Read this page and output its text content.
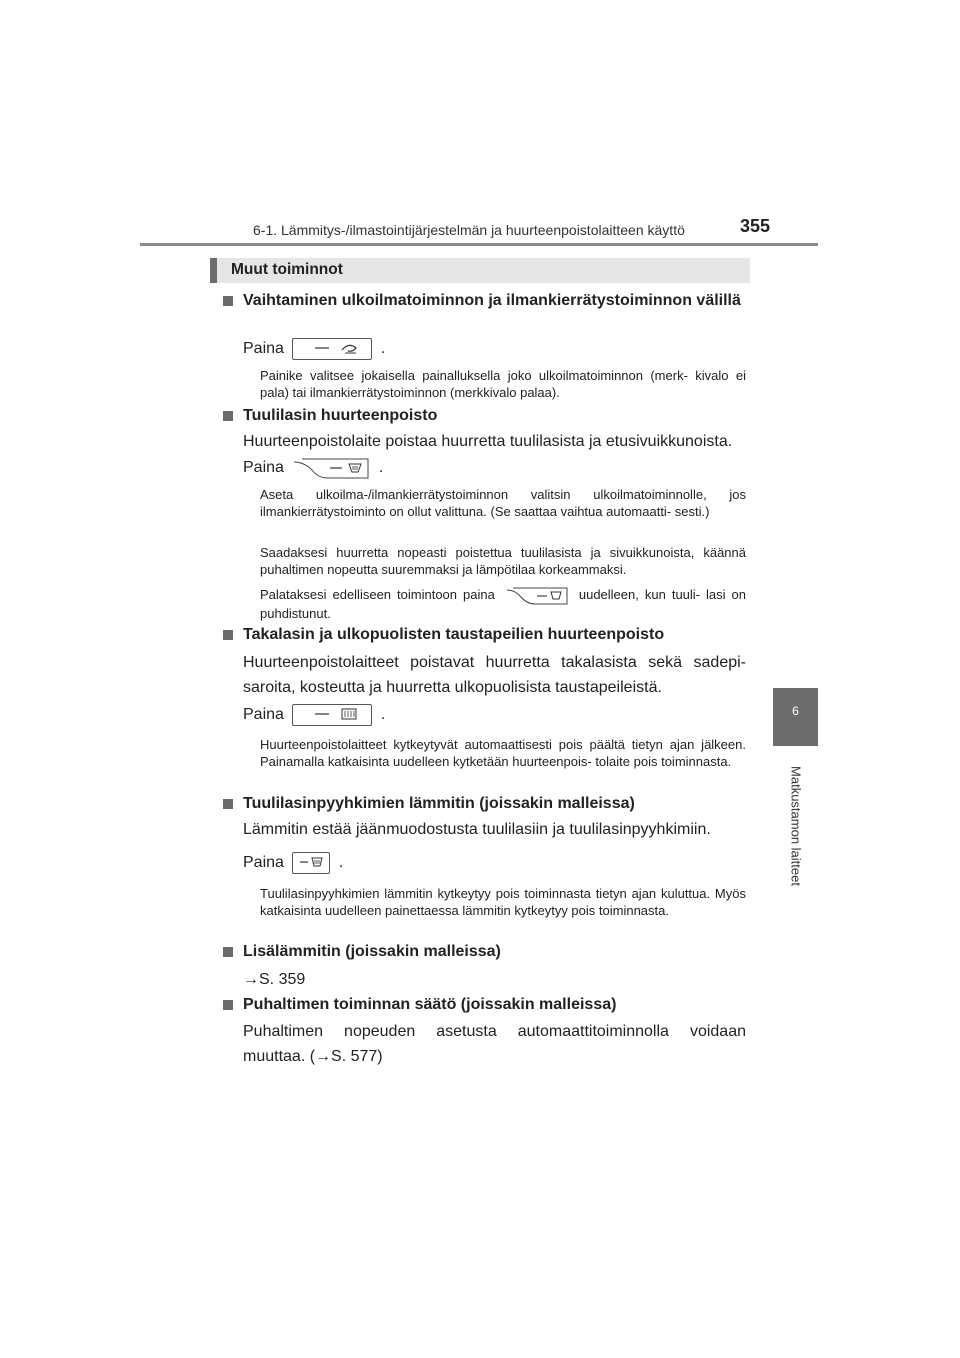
6-1. Lämmitys-/ilmastointijärjestelmän ja huurteenpoistolaitteen käyttö	355
6
Matkustamon laitteet
Muut toiminnot
Vaihtaminen ulkoilmatoiminnon ja ilmankierrätystoiminnon välillä
Paina	.
Painike valitsee jokaisella painalluksella joko ulkoilmatoiminnon (merk- kivalo ei pala) tai ilmankierrätystoiminnon (merkkivalo palaa).
Tuulilasin huurteenpoisto
Huurteenpoistolaite poistaa huurretta tuulilasista ja etusivuikkunoista.
Paina	.
Aseta ulkoilma-/ilmankierrätystoiminnon valitsin ulkoilmatoiminnolle, jos ilmankierrätystoiminto on ollut valittuna. (Se saattaa vaihtua automaatti- sesti.)
Saadaksesi huurretta nopeasti poistettua tuulilasista ja sivuikkunoista, käännä puhaltimen nopeutta suuremmaksi ja lämpötilaa korkeammaksi.
Palataksesi edelliseen toimintoon paina	uudelleen, kun tuuli- lasi on puhdistunut.
Takalasin ja ulkopuolisten taustapeilien huurteenpoisto
Huurteenpoistolaitteet poistavat huurretta takalasista sekä sadepi- saroita, kosteutta ja huurretta ulkopuolisista taustapeileistä.
Paina	.
Huurteenpoistolaitteet kytkeytyvät automaattisesti pois päältä tietyn ajan jälkeen. Painamalla katkaisinta uudelleen kytketään huurteenpois- tolaite pois toiminnasta.
Tuulilasinpyyhkimien lämmitin (joissakin malleissa)
Lämmitin estää jäänmuodostusta tuulilasiin ja tuulilasinpyyhkimiin.
Paina	.
Tuulilasinpyyhkimien lämmitin kytkeytyy pois toiminnasta tietyn ajan kuluttua. Myös katkaisinta uudelleen painettaessa lämmitin kytkeytyy pois toiminnasta.
Lisälämmitin (joissakin malleissa)
→S. 359
Puhaltimen toiminnan säätö (joissakin malleissa)
Puhaltimen nopeuden asetusta automaattitoiminnolla voidaan muuttaa. (→S. 577)
